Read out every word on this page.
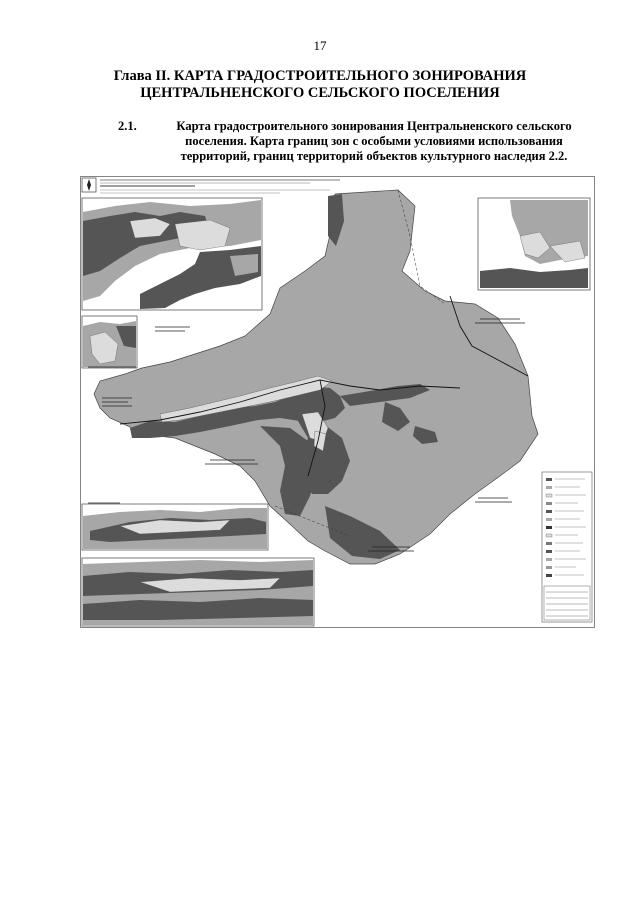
17
Глава II. КАРТА ГРАДОСТРОИТЕЛЬНОГО ЗОНИРОВАНИЯ ЦЕНТРАЛЬНЕНСКОГО СЕЛЬСКОГО ПОСЕЛЕНИЯ
2.1.	Карта градостроительного зонирования Центральненского сельского поселения. Карта границ зон с особыми условиями использования территорий, границ территорий объектов культурного наследия 2.2.
